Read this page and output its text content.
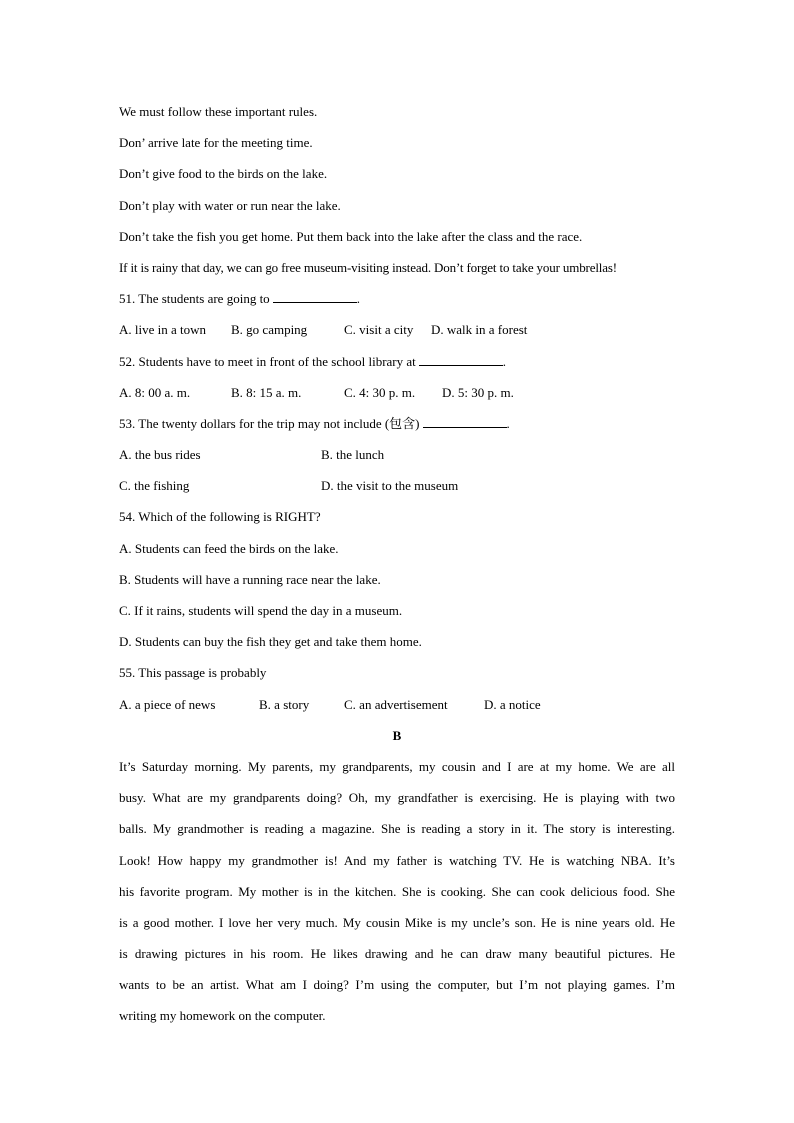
We must follow these important rules.
Don’ arrive late for the meeting time.
Don’t give food to the birds on the lake.
Don’t play with water or run near the lake.
Don’t take the fish you get home. Put them back into the lake after the class and the race.
If it is rainy that day, we can go free museum-visiting instead. Don’t forget to take your umbrellas!
51. The students are going to	.
A. live in a town	B. go camping	C. visit a city	D. walk in a forest
52. Students have to meet in front of the school library at	.
A. 8: 00 a. m.	B. 8: 15 a. m.	C. 4: 30 p. m.	D. 5: 30 p. m.
53. The twenty dollars for the trip may not include (包含)	.
A. the bus rides	B. the lunch
C. the fishing	D. the visit to the museum
54. Which of the following is RIGHT?
A. Students can feed the birds on the lake.
B. Students will have a running race near the lake.
C. If it rains, students will spend the day in a museum.
D. Students can buy the fish they get and take them home.
55. This passage is probably
A. a piece of news	B. a story	C. an advertisement	D. a notice
B
It’s Saturday morning. My parents, my grandparents, my cousin and I are at my home. We are all
busy. What are my grandparents doing? Oh, my grandfather is exercising. He is playing with two
balls. My grandmother is reading a magazine. She is reading a story in it. The story is interesting.
Look! How happy my grandmother is! And my father is watching TV. He is watching NBA. It’s
his favorite program. My mother is in the kitchen. She is cooking. She can cook delicious food. She
is a good mother. I love her very much. My cousin Mike is my uncle’s son. He is nine years old. He
is drawing pictures in his room. He likes drawing and he can draw many beautiful pictures. He
wants to be an artist. What am I doing? I’m using the computer, but I’m not playing games. I’m
writing my homework on the computer.
